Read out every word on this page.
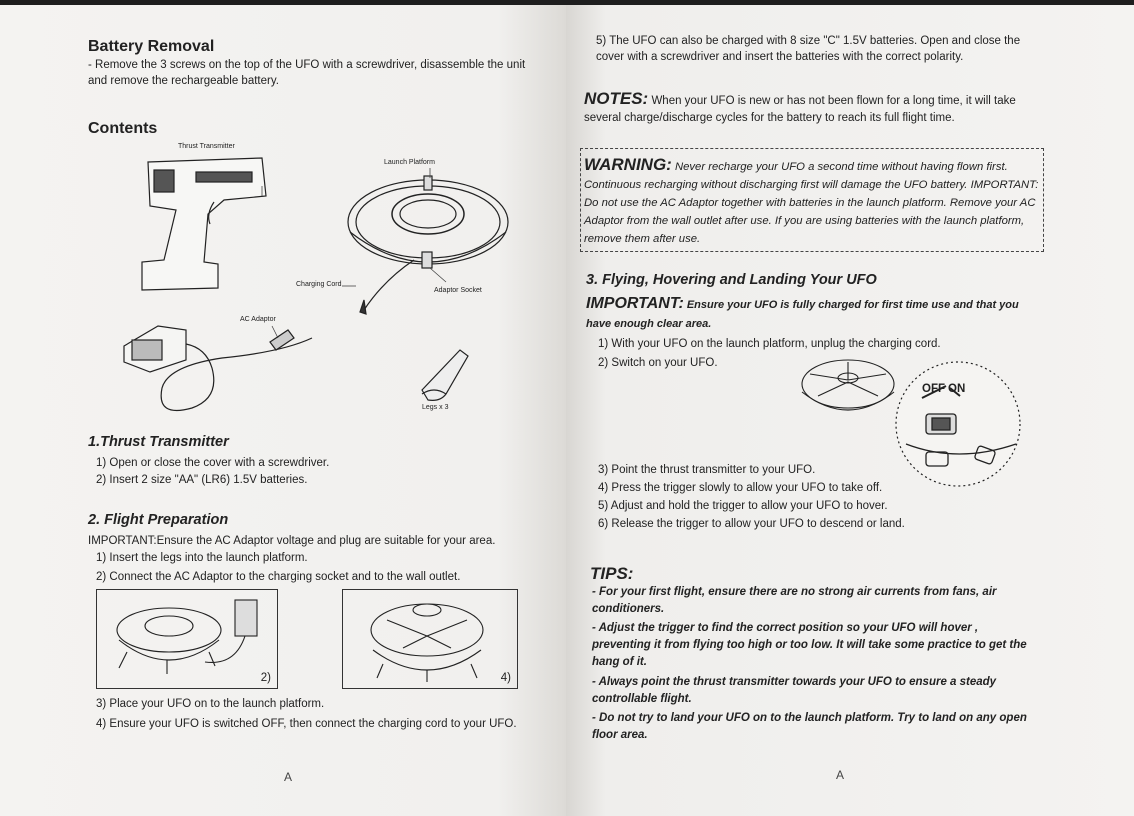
Battery Removal
- Remove the 3 screws on the top of the UFO with a screwdriver, disassemble the unit and remove the rechargeable battery.
Contents
Thrust Transmitter
Launch Platform
Charging Cord
Adaptor Socket
AC Adaptor
Legs x 3
1.Thrust Transmitter
1) Open or close the cover with a screwdriver.
2) Insert 2 size "AA" (LR6) 1.5V batteries.
2. Flight Preparation
IMPORTANT:Ensure the AC Adaptor voltage and plug are suitable for your area.
1) Insert the legs into the launch platform.
2) Connect the AC Adaptor to the charging socket and to the wall outlet.
2)	4)
3) Place your UFO on to the launch platform.
4) Ensure your UFO is switched OFF, then connect the charging cord to your UFO.
A
5) The UFO can also be charged with 8 size "C" 1.5V batteries. Open and close the cover with a screwdriver and insert the batteries with the correct polarity.
NOTES: When your UFO is new or has not been flown for a long time, it will take several charge/discharge cycles for the battery to reach its full flight time.
WARNING: Never recharge your UFO a second time without having flown first. Continuous recharging without discharging first will damage the UFO battery. IMPORTANT: Do not use the AC Adaptor together with batteries in the launch platform. Remove your AC Adaptor from the wall outlet after use. If you are using batteries with the launch platform, remove them after use.
3. Flying, Hovering and Landing Your UFO
IMPORTANT: Ensure your UFO is fully charged for first time use and that you have enough clear area.
1) With your UFO on the launch platform, unplug the charging cord.
2) Switch on your UFO.
OFF ON
3) Point the thrust transmitter to your UFO.
4) Press the trigger slowly to allow your UFO to take off.
5) Adjust and hold the trigger to allow your UFO to hover.
6) Release the trigger to allow your UFO to descend or land.
TIPS:
- For your first flight, ensure there are no strong air currents from fans, air conditioners.
- Adjust the trigger to find the correct position so your UFO will hover , preventing it from flying too high or too low. It will take some practice to get the hang of it.
- Always point the thrust transmitter towards your UFO to ensure a steady controllable flight.
- Do not try to land your UFO on to the launch platform. Try to land on any open floor area.
A
